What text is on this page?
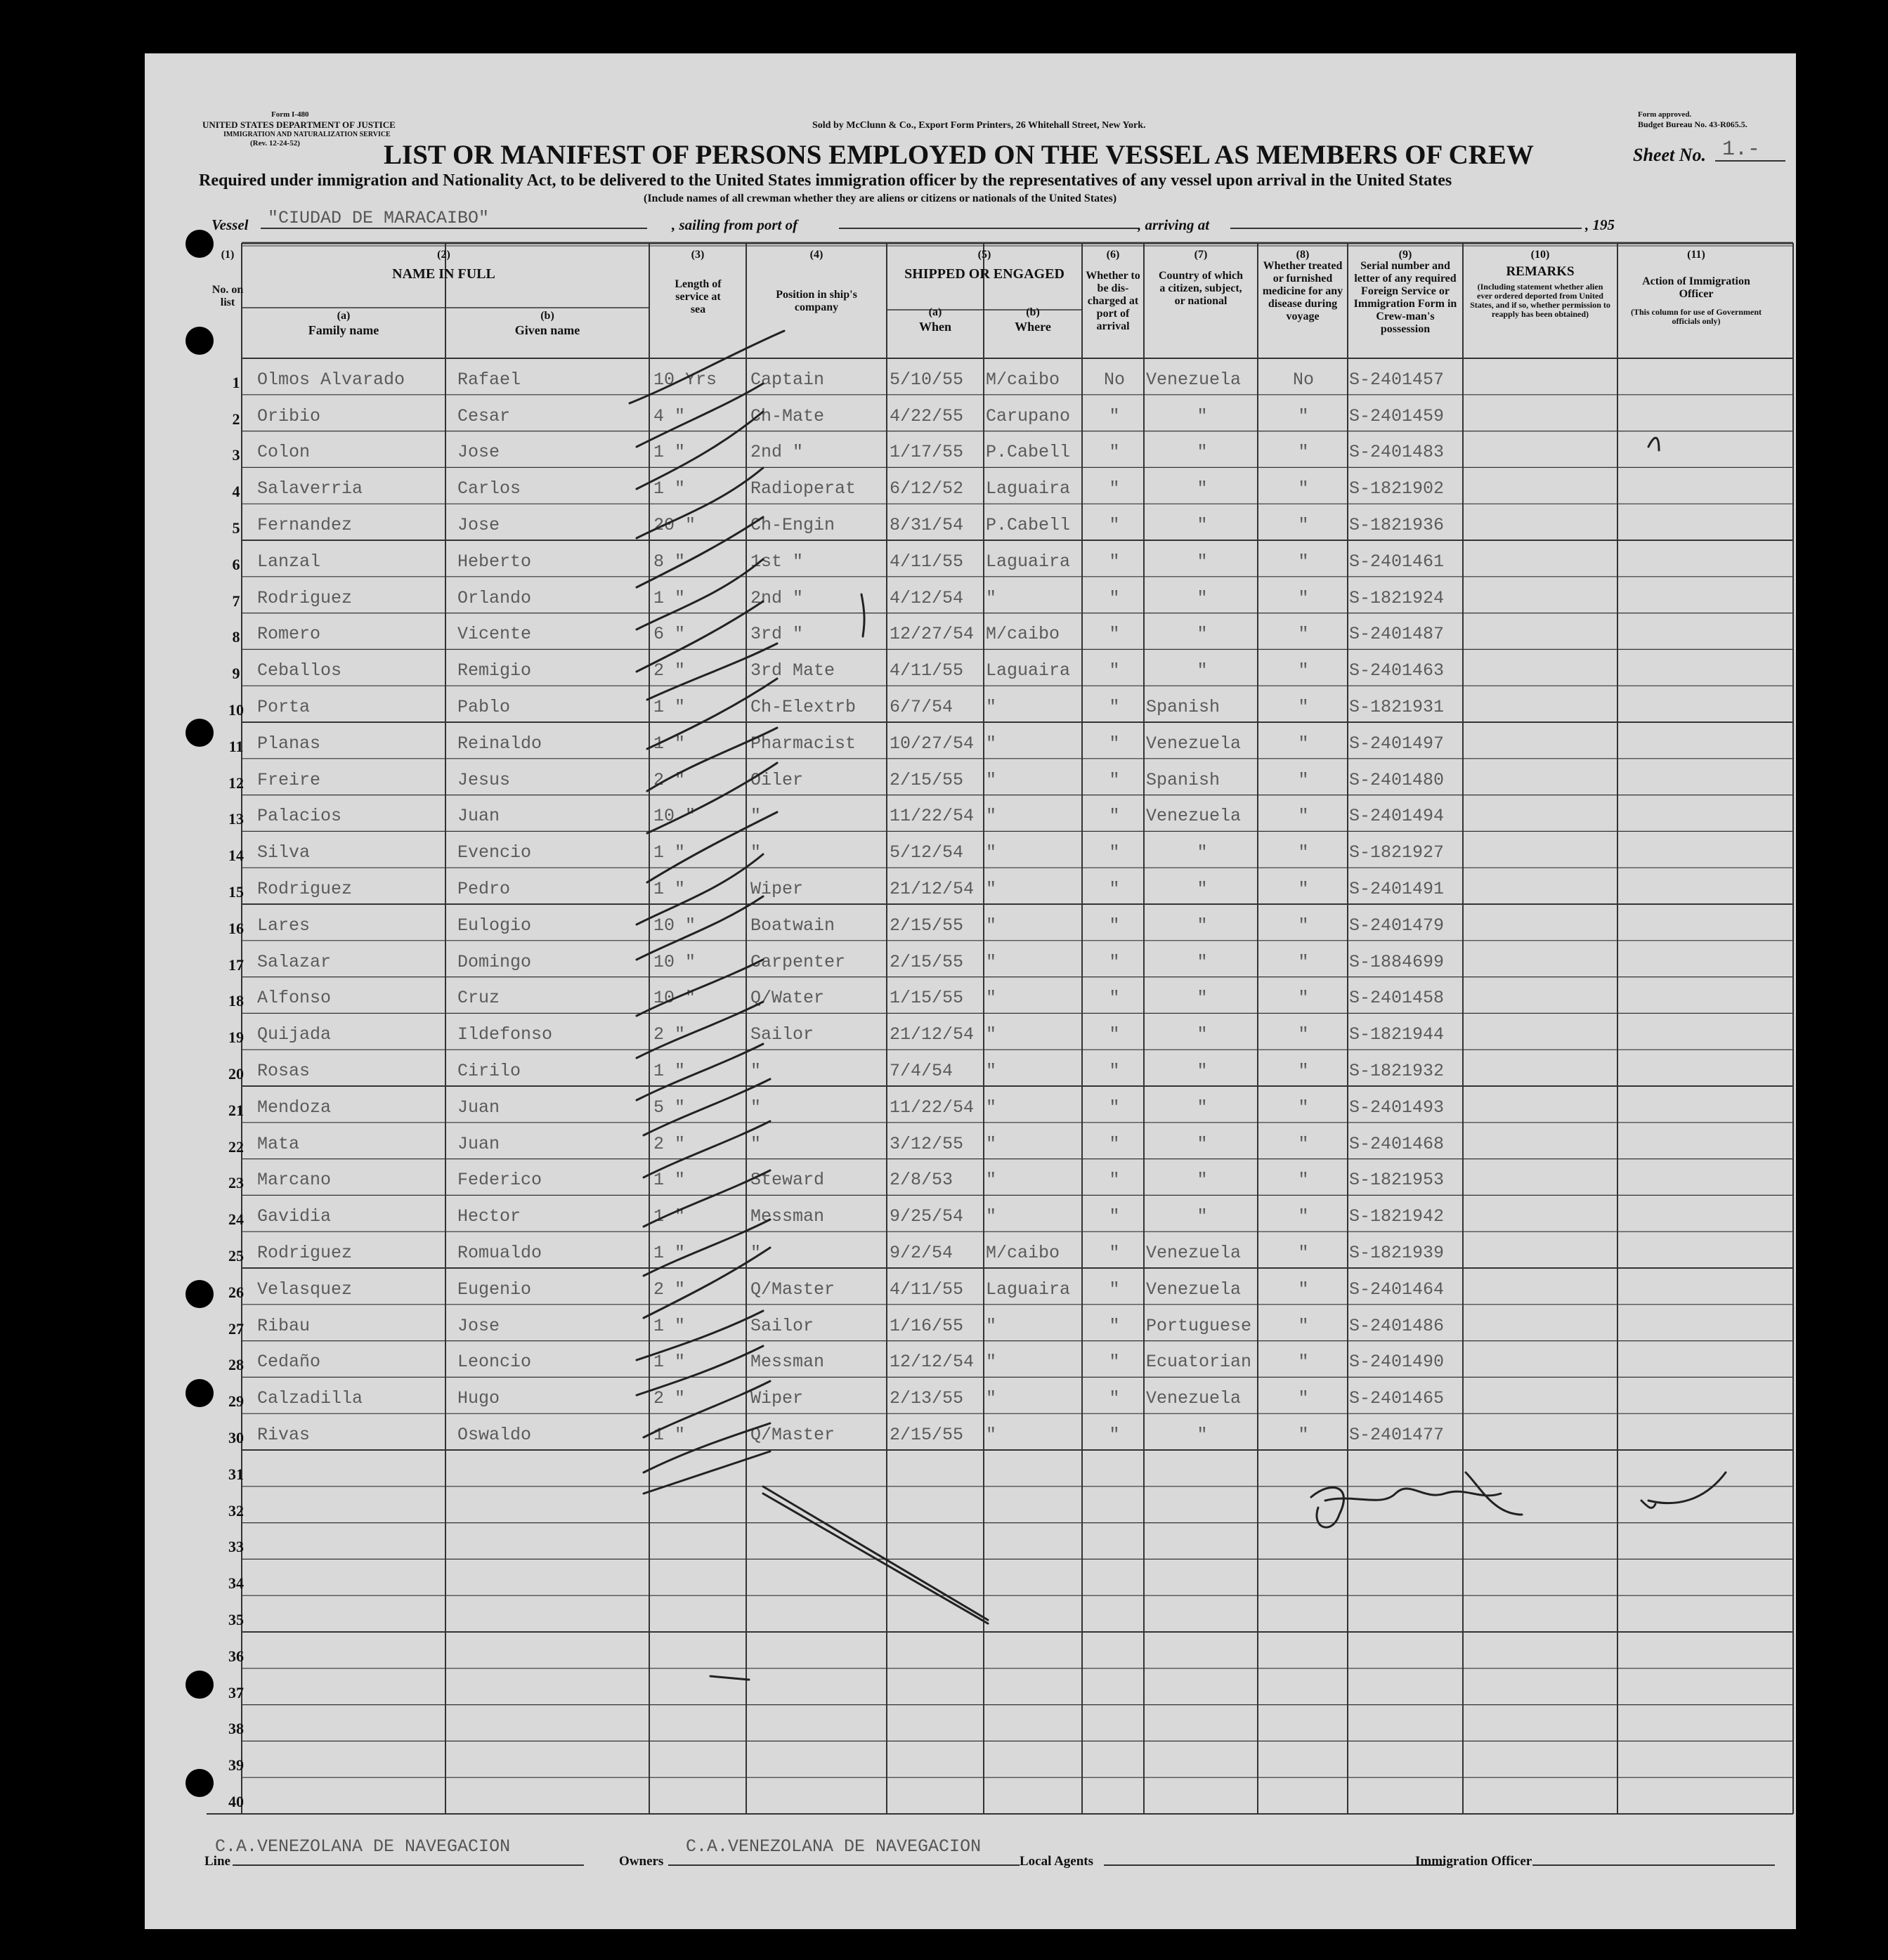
Form I-480
UNITED STATES DEPARTMENT OF JUSTICE
IMMIGRATION AND NATURALIZATION SERVICE
(Rev. 12-24-52)
Sold by McClunn & Co., Export Form Printers, 26 Whitehall Street, New York.
Form approved.
Budget Bureau No. 43-R065.5.
LIST OR MANIFEST OF PERSONS EMPLOYED ON THE VESSEL AS MEMBERS OF CREW	Sheet No. 1.-
Required under immigration and Nationality Act, to be delivered to the United States immigration officer by the representatives of any vessel upon arrival in the United States
(Include names of all crewman whether they are aliens or citizens or nationals of the United States)
Vessel "CIUDAD DE MARACAIBO"	, sailing from port of	, arriving at	, 195
(1)
No. on list
(2)
NAME IN FULL
(a)
Family name
(b)
Given name
(3)
Length of service at sea
(4)
Position in ship's company
(5)
SHIPPED OR ENGAGED
(a)
When
(b)
Where
(6)
Whether to be dis-charged at port of arrival
(7)
Country of which a citizen, subject, or national
(8)
Whether treated or furnished medicine for any disease during voyage
(9)
Serial number and letter of any required Foreign Service or Immigration Form in Crew-man's possession
(10)
REMARKS
(Including statement whether alien ever ordered deported from United States, and if so, whether permission to reapply has been obtained)
(11)
Action of Immigration Officer
(This column for use of Government officials only)
1 Olmos Alvarado	Rafael	10 Yrs	Captain	5/10/55	M/caibo	No	Venezuela	No	S-2401457
2 Oribio	Cesar	4 "	Ch-Mate	4/22/55	Carupano	"	"	"	S-2401459
3 Colon	Jose	1 "	2nd "	1/17/55	P.Cabell	"	"	"	S-2401483
4 Salaverria	Carlos	1 "	Radioperat	6/12/52	Laguaira	"	"	"	S-1821902
5 Fernandez	Jose	20 "	Ch-Engin	8/31/54	P.Cabell	"	"	"	S-1821936
6 Lanzal	Heberto	8 "	1st "	4/11/55	Laguaira	"	"	"	S-2401461
7 Rodriguez	Orlando	1 "	2nd "	4/12/54	"	"	"	"	S-1821924
8 Romero	Vicente	6 "	3rd "	12/27/54 M/caibo	"	"	"	S-2401487
9 Ceballos	Remigio	2 "	3rd Mate	4/11/55	Laguaira	"	"	"	S-2401463
10 Porta	Pablo	1 "	Ch-Elextrb	6/7/54	"	"	Spanish	"	S-1821931
11 Planas	Reinaldo	1 "	Pharmacist	10/27/54 "	"	Venezuela	"	S-2401497
12 Freire	Jesus	2 "	Oiler	2/15/55	"	"	Spanish	"	S-2401480
13 Palacios	Juan	10 "	"	11/22/54 "	"	Venezuela	"	S-2401494
14 Silva	Evencio	1 "	"	5/12/54	"	"	"	"	S-1821927
15 Rodriguez	Pedro	1 "	Wiper	21/12/54 "	"	"	"	S-2401491
16 Lares	Eulogio	10 "	Boatwain	2/15/55	"	"	"	"	S-2401479
17 Salazar	Domingo	10 "	Carpenter	2/15/55	"	"	"	"	S-1884699
18 Alfonso	Cruz	10 "	Q/Water	1/15/55	"	"	"	"	S-2401458
19 Quijada	Ildefonso	2 "	Sailor	21/12/54 "	"	"	"	S-1821944
20 Rosas	Cirilo	1 "	"	7/4/54	"	"	"	"	S-1821932
21 Mendoza	Juan	5 "	"	11/22/54 "	"	"	"	S-2401493
22 Mata	Juan	2 "	"	3/12/55	"	"	"	"	S-2401468
23 Marcano	Federico	1 "	Steward	2/8/53	"	"	"	"	S-1821953
24 Gavidia	Hector	1 "	Messman	9/25/54	"	"	"	"	S-1821942
25 Rodriguez	Romualdo	1 "	"	9/2/54	M/caibo	"	Venezuela	"	S-1821939
26 Velasquez	Eugenio	2 "	Q/Master	4/11/55	Laguaira	"	Venezuela	"	S-2401464
27 Ribau	Jose	1 "	Sailor	1/16/55	"	"	Portuguese	"	S-2401486
28 Cedaño	Leoncio	1 "	Messman	12/12/54 "	"	Ecuatorian	"	S-2401490
29 Calzadilla	Hugo	2 "	Wiper	2/13/55	"	"	Venezuela	"	S-2401465
30 Rivas	Oswaldo	1 "	Q/Master	2/15/55	"	"	"	"	S-2401477
31
32
33
34
35
36
37
38
39
40
Line
C.A.VENEZOLANA DE NAVEGACION
Owners
C.A.VENEZOLANA DE NAVEGACION
Local Agents	Immigration Officer
